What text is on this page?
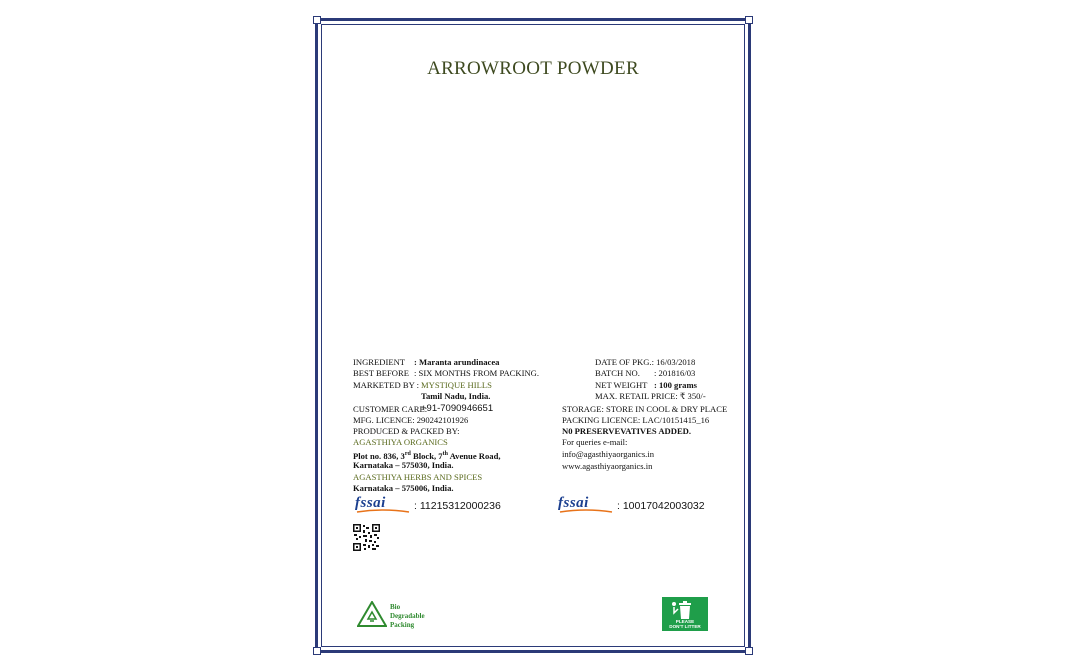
ARROWROOT POWDER
INGREDIENT : Maranta arundinacea
BEST BEFORE : SIX MONTHS FROM PACKING.
MARKETED BY : MYSTIQUE HILLS
Tamil Nadu, India.
CUSTOMER CARE:
+91-7090946651
MFG. LICENCE: 290242101926
PRODUCED & PACKED BY:
AGASTHIYA ORGANICS
Plot no. 836, 3rd Block, 7th Avenue Road,
Karnataka – 575030, India.
AGASTHIYA HERBS AND SPICES
Karnataka – 575006, India.
DATE OF PKG.: 16/03/2018
BATCH NO. : 201816/03
NET WEIGHT : 100 grams
MAX. RETAIL PRICE: ₹ 350/-
STORAGE: STORE IN COOL & DRY PLACE
PACKING LICENCE: LAC/10151415_16
N0 PRESERVEVATIVES ADDED.
For queries e-mail:
info@agasthiyaorganics.in
www.agasthiyaorganics.in
fssai	: 11215312000236	fssai	: 10017042003032
Bio
Degradable
Packing	PLEASE
DON'T LITTER
